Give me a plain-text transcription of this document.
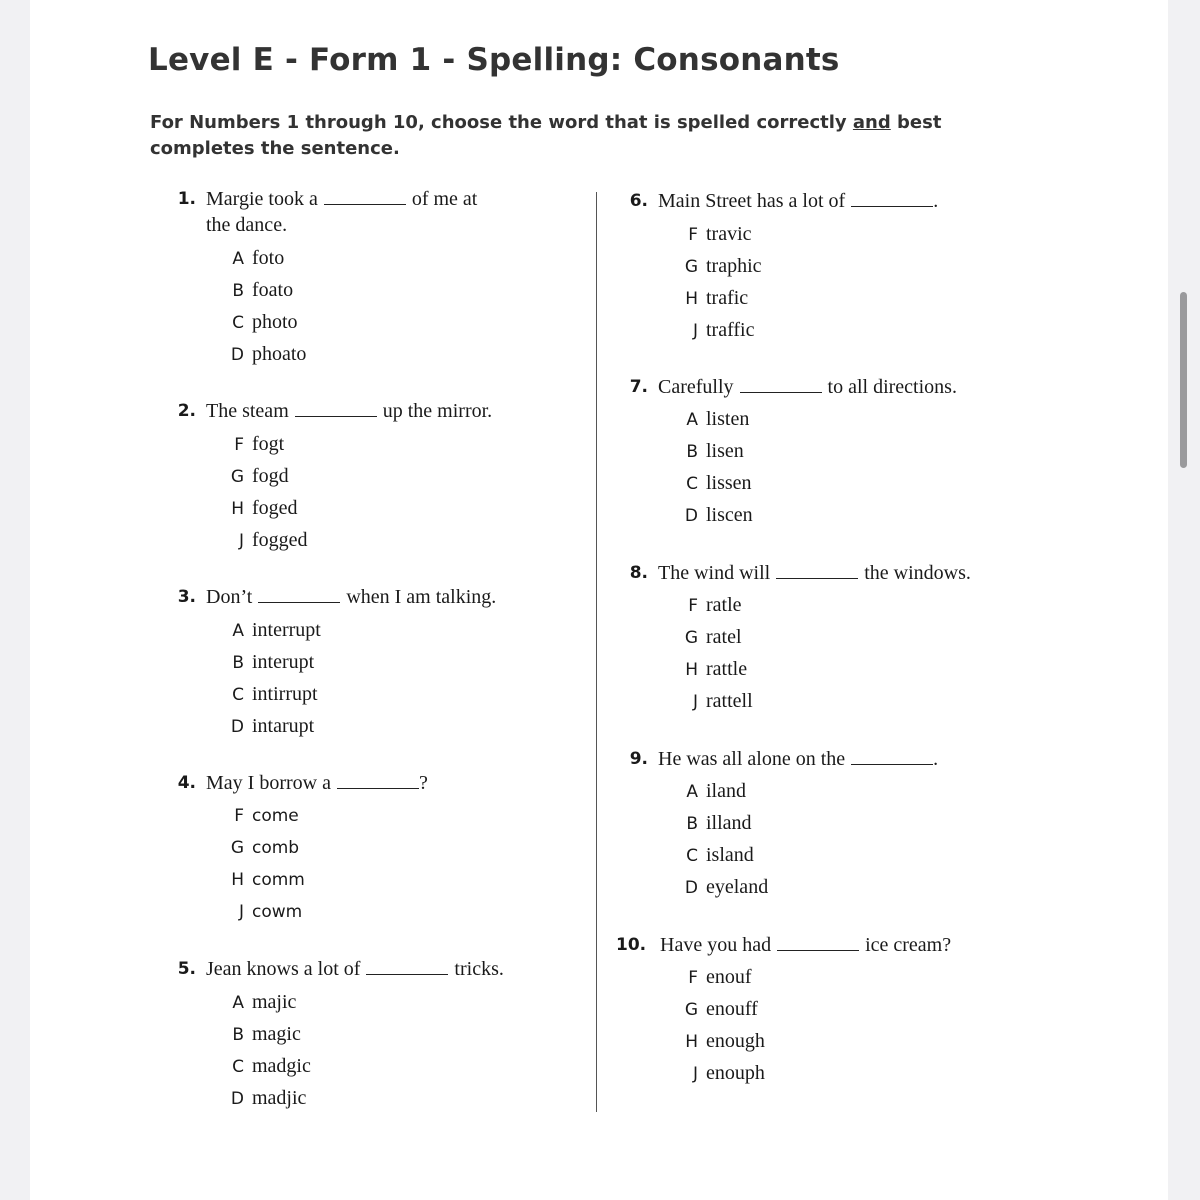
Level E - Form 1 - Spelling: Consonants
For Numbers 1 through 10, choose the word that is spelled correctly and best completes the sentence.
1. Margie took a	of me at
the dance.
A foto
B foato
C photo
D phoato
2. The steam	up the mirror.
F fogt
G fogd
H foged
J fogged
3. Don’t	when I am talking.
A interrupt
B interupt
C intirrupt
D intarupt
4. May I borrow a	?
F come
G comb
H comm
J cowm
5. Jean knows a lot of	tricks.
A majic
B magic
C madgic
D madjic
6. Main Street has a lot of	.
F travic
G traphic
H trafic
J traffic
7. Carefully	to all directions.
A listen
B lisen
C lissen
D liscen
8. The wind will	the windows.
F ratle
G ratel
H rattle
J rattell
9. He was all alone on the	.
A iland
B illand
C island
D eyeland
10. Have you had	ice cream?
F enouf
G enouff
H enough
J enouph
